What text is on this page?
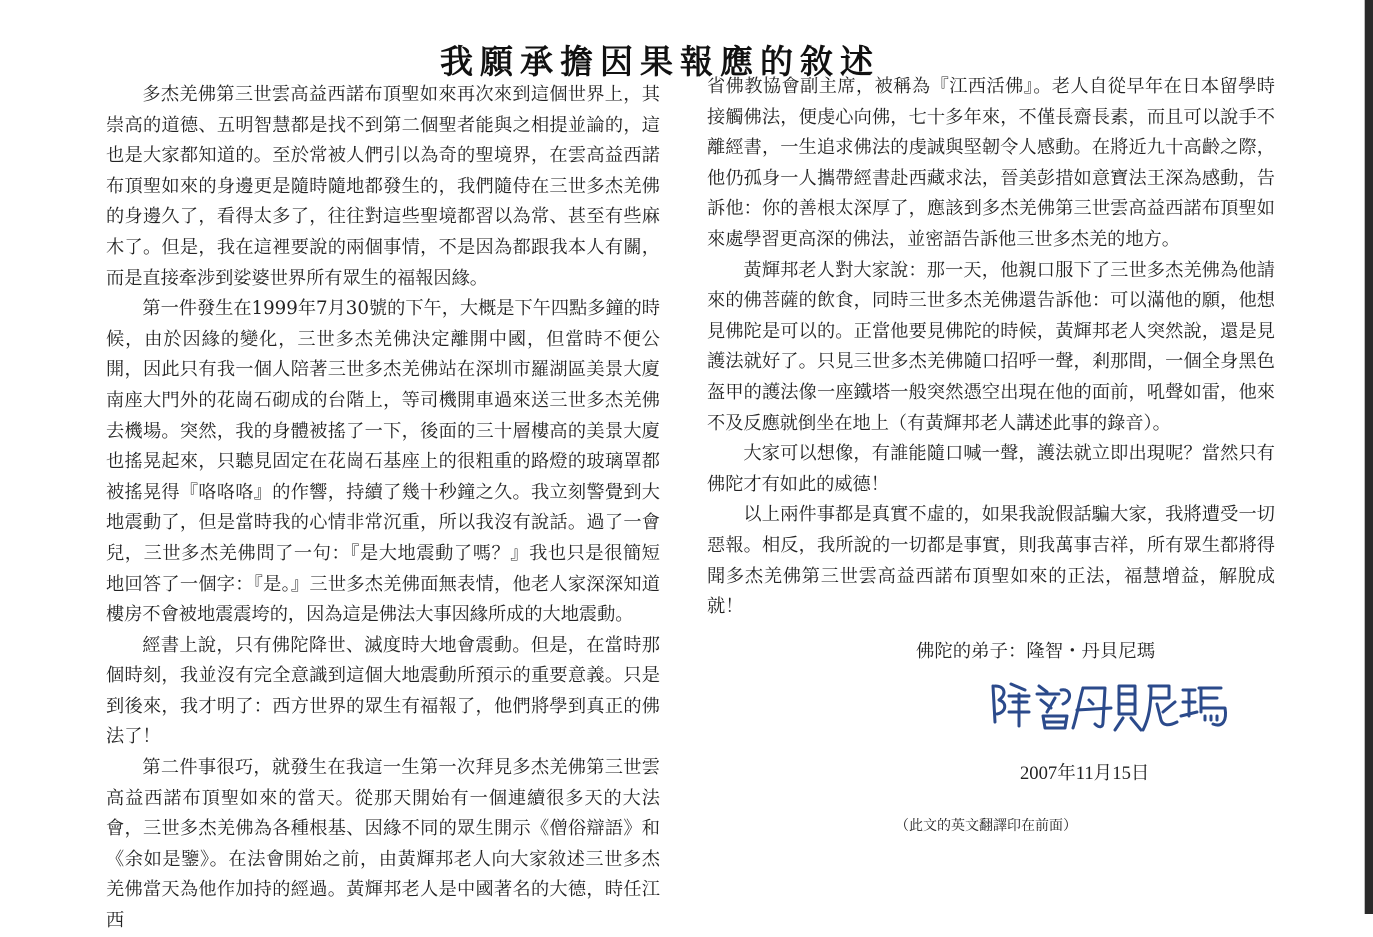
我願承擔因果報應的敘述

多杰羌佛第三世雲高益西諾布頂聖如來再次來到這個世界上，其崇高的道德、五明智慧都是找不到第二個聖者能與之相提並論的，這也是大家都知道的。至於常被人們引以為奇的聖境界，在雲高益西諾布頂聖如來的身邊更是隨時隨地都發生的，我們隨侍在三世多杰羌佛的身邊久了，看得太多了，往往對這些聖境都習以為常、甚至有些麻木了。但是，我在這裡要說的兩個事情，不是因為都跟我本人有關，而是直接牽涉到娑婆世界所有眾生的福報因緣。

第一件發生在1999年7月30號的下午，大概是下午四點多鐘的時候，由於因緣的變化，三世多杰羌佛決定離開中國，但當時不便公開，因此只有我一個人陪著三世多杰羌佛站在深圳市羅湖區美景大廈南座大門外的花崗石砌成的台階上，等司機開車過來送三世多杰羌佛去機場。突然，我的身體被搖了一下，後面的三十層樓高的美景大廈也搖晃起來，只聽見固定在花崗石基座上的很粗重的路燈的玻璃罩都被搖晃得『咯咯咯』的作響，持續了幾十秒鐘之久。我立刻警覺到大地震動了，但是當時我的心情非常沉重，所以我沒有說話。過了一會兒，三世多杰羌佛問了一句：『是大地震動了嗎？』我也只是很簡短地回答了一個字：『是。』三世多杰羌佛面無表情，他老人家深深知道樓房不會被地震震垮的，因為這是佛法大事因緣所成的大地震動。

經書上說，只有佛陀降世、滅度時大地會震動。但是，在當時那個時刻，我並沒有完全意識到這個大地震動所預示的重要意義。只是到後來，我才明了：西方世界的眾生有福報了，他們將學到真正的佛法了！

第二件事很巧，就發生在我這一生第一次拜見多杰羌佛第三世雲高益西諾布頂聖如來的當天。從那天開始有一個連續很多天的大法會，三世多杰羌佛為各種根基、因緣不同的眾生開示《僧俗辯語》和《余如是鑒》。在法會開始之前，由黃輝邦老人向大家敘述三世多杰羌佛當天為他作加持的經過。黃輝邦老人是中國著名的大德，時任江西

省佛教協會副主席，被稱為『江西活佛』。老人自從早年在日本留學時接觸佛法，便虔心向佛，七十多年來，不僅長齋長素，而且可以說手不離經書，一生追求佛法的虔誠與堅韌令人感動。在將近九十高齡之際，他仍孤身一人攜帶經書赴西藏求法，晉美彭措如意寶法王深為感動，告訴他：你的善根太深厚了，應該到多杰羌佛第三世雲高益西諾布頂聖如來處學習更高深的佛法，並密語告訴他三世多杰羌的地方。

黃輝邦老人對大家說：那一天，他親口服下了三世多杰羌佛為他請來的佛菩薩的飲食，同時三世多杰羌佛還告訴他：可以滿他的願，他想見佛陀是可以的。正當他要見佛陀的時候，黃輝邦老人突然說，還是見護法就好了。只見三世多杰羌佛隨口招呼一聲，剎那間，一個全身黑色盔甲的護法像一座鐵塔一般突然憑空出現在他的面前，吼聲如雷，他來不及反應就倒坐在地上（有黃輝邦老人講述此事的錄音）。

大家可以想像，有誰能隨口喊一聲，護法就立即出現呢？當然只有佛陀才有如此的威德！

以上兩件事都是真實不虛的，如果我說假話騙大家，我將遭受一切惡報。相反，我所說的一切都是事實，則我萬事吉祥，所有眾生都將得聞多杰羌佛第三世雲高益西諾布頂聖如來的正法，福慧增益，解脫成就！

佛陀的弟子：隆智・丹貝尼瑪
2007年11月15日
（此文的英文翻譯印在前面）
